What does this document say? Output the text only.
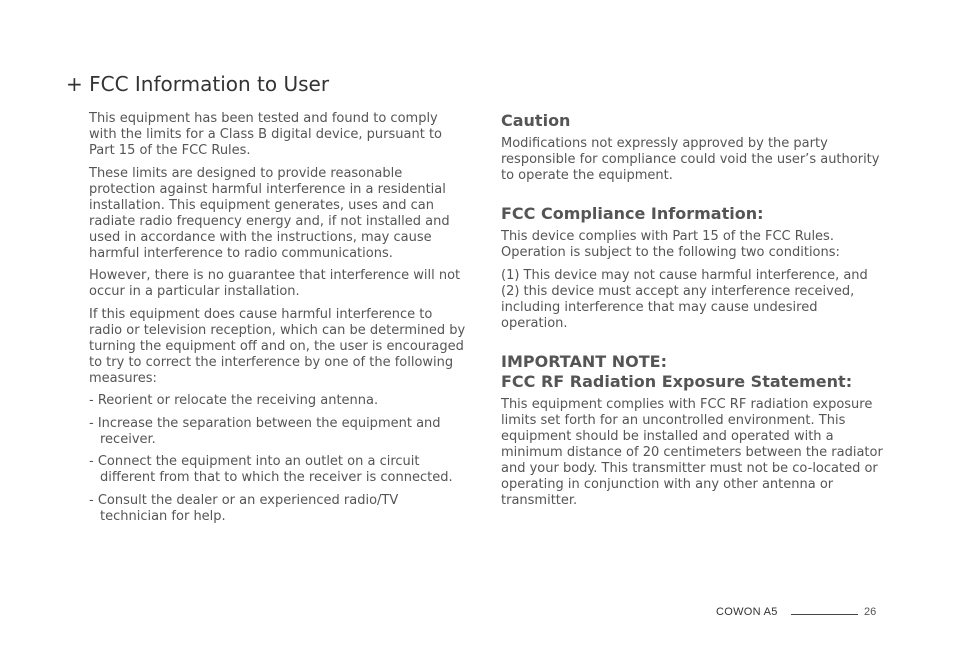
+ FCC Information to User

This equipment has been tested and found to comply with the limits for a Class B digital device, pursuant to Part 15 of the FCC Rules.

These limits are designed to provide reasonable protection against harmful interference in a residential installation. This equipment generates, uses and can radiate radio frequency energy and, if not installed and used in accordance with the instructions, may cause harmful interference to radio communications.

However, there is no guarantee that interference will not occur in a particular installation.

If this equipment does cause harmful interference to radio or television reception, which can be determined by turning the equipment off and on, the user is encouraged to try to correct the interference by one of the following measures:

- Reorient or relocate the receiving antenna.
- Increase the separation between the equipment and receiver.
- Connect the equipment into an outlet on a circuit different from that to which the receiver is connected.
- Consult the dealer or an experienced radio/TV technician for help.
Caution

Modifications not expressly approved by the party responsible for compliance could void the user’s authority to operate the equipment.

FCC Compliance Information:

This device complies with Part 15 of the FCC Rules. Operation is subject to the following two conditions:

(1) This device may not cause harmful interference, and (2) this device must accept any interference received, including interference that may cause undesired operation.

IMPORTANT NOTE:
FCC RF Radiation Exposure Statement:

This equipment complies with FCC RF radiation exposure limits set forth for an uncontrolled environment. This equipment should be installed and operated with a minimum distance of 20 centimeters between the radiator and your body. This transmitter must not be co-located or operating in conjunction with any other antenna or transmitter.

COWON A5	26
